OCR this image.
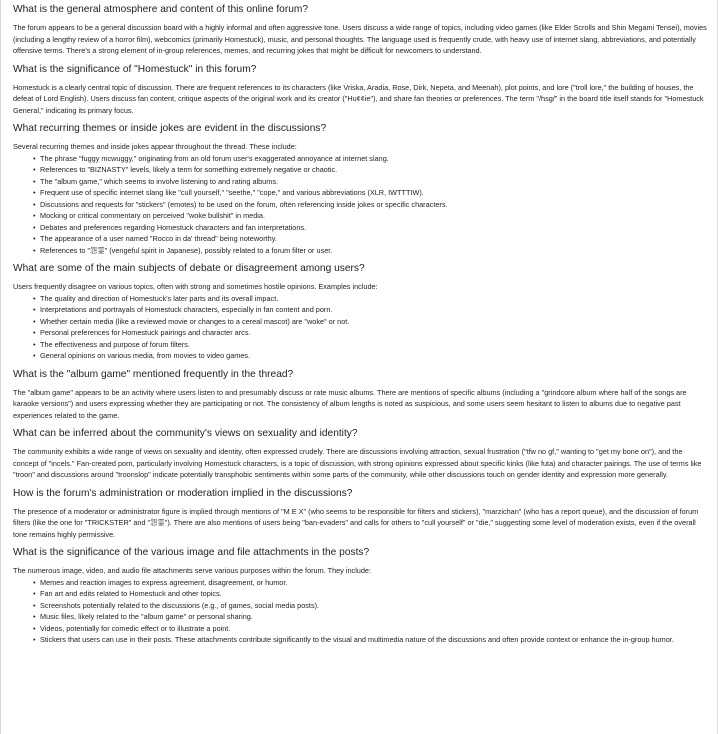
What is the general atmosphere and content of this online forum?
The forum appears to be a general discussion board with a highly informal and often aggressive tone. Users discuss a wide range of topics, including video games (like Elder Scrolls and Shin Megami Tensei), movies (including a lengthy review of a horror film), webcomics (primarily Homestuck), music, and personal thoughts. The language used is frequently crude, with heavy use of internet slang, abbreviations, and potentially offensive terms. There's a strong element of in-group references, memes, and recurring jokes that might be difficult for newcomers to understand.
What is the significance of "Homestuck" in this forum?
Homestuck is a clearly central topic of discussion. There are frequent references to its characters (like Vriska, Aradia, Rose, Dirk, Nepeta, and Meenah), plot points, and lore ("troll lore," the building of houses, the defeat of Lord English). Users discuss fan content, critique aspects of the original work and its creator ("Hu¢¢ie"), and share fan theories or preferences. The term "/hsg/" in the board title itself stands for "Homestuck General," indicating its primary focus.
What recurring themes or inside jokes are evident in the discussions?
Several recurring themes and inside jokes appear throughout the thread. These include:
• The phrase "fuggy mcwuggy," originating from an old forum user's exaggerated annoyance at internet slang.
• References to "BIZNASTY" levels, likely a term for something extremely negative or chaotic.
• The "album game," which seems to involve listening to and rating albums.
• Frequent use of specific internet slang like "cull yourself," "seethe," "cope," and various abbreviations (XLR, IWTTTIW).
• Discussions and requests for "stickers" (emotes) to be used on the forum, often referencing inside jokes or specific characters.
• Mocking or critical commentary on perceived "woke bullshit" in media.
• Debates and preferences regarding Homestuck characters and fan interpretations.
• The appearance of a user named "Rocco in da' thread" being noteworthy.
• References to "怨霊" (vengeful spirit in Japanese), possibly related to a forum filter or user.
What are some of the main subjects of debate or disagreement among users?
Users frequently disagree on various topics, often with strong and sometimes hostile opinions. Examples include:
• The quality and direction of Homestuck's later parts and its overall impact.
• Interpretations and portrayals of Homestuck characters, especially in fan content and porn.
• Whether certain media (like a reviewed movie or changes to a cereal mascot) are "woke" or not.
• Personal preferences for Homestuck pairings and character arcs.
• The effectiveness and purpose of forum filters.
• General opinions on various media, from movies to video games.
What is the "album game" mentioned frequently in the thread?
The "album game" appears to be an activity where users listen to and presumably discuss or rate music albums. There are mentions of specific albums (including a "grindcore album where half of the songs are karaoke versions") and users expressing whether they are participating or not. The consistency of album lengths is noted as suspicious, and some users seem hesitant to listen to albums due to negative past experiences related to the game.
What can be inferred about the community's views on sexuality and identity?
The community exhibits a wide range of views on sexuality and identity, often expressed crudely. There are discussions involving attraction, sexual frustration ("tfw no gf," wanting to "get my bone on"), and the concept of "incels." Fan-created porn, particularly involving Homestuck characters, is a topic of discussion, with strong opinions expressed about specific kinks (like futa) and character pairings. The use of terms like "troon" and discussions around "troonslop" indicate potentially transphobic sentiments within some parts of the community, while other discussions touch on gender identity and expression more generally.
How is the forum's administration or moderation implied in the discussions?
The presence of a moderator or administrator figure is implied through mentions of "M E X" (who seems to be responsible for filters and stickers), "marzichan" (who has a report queue), and the discussion of forum filters (like the one for "TRICKSTER" and "怨霊"). There are also mentions of users being "ban-evaders" and calls for others to "cull yourself" or "die," suggesting some level of moderation exists, even if the overall tone remains highly permissive.
What is the significance of the various image and file attachments in the posts?
The numerous image, video, and audio file attachments serve various purposes within the forum. They include:
• Memes and reaction images to express agreement, disagreement, or humor.
• Fan art and edits related to Homestuck and other topics.
• Screenshots potentially related to the discussions (e.g., of games, social media posts).
• Music files, likely related to the "album game" or personal sharing.
• Videos, potentially for comedic effect or to illustrate a point.
• Stickers that users can use in their posts. These attachments contribute significantly to the visual and multimedia nature of the discussions and often provide context or enhance the in-group humor.
